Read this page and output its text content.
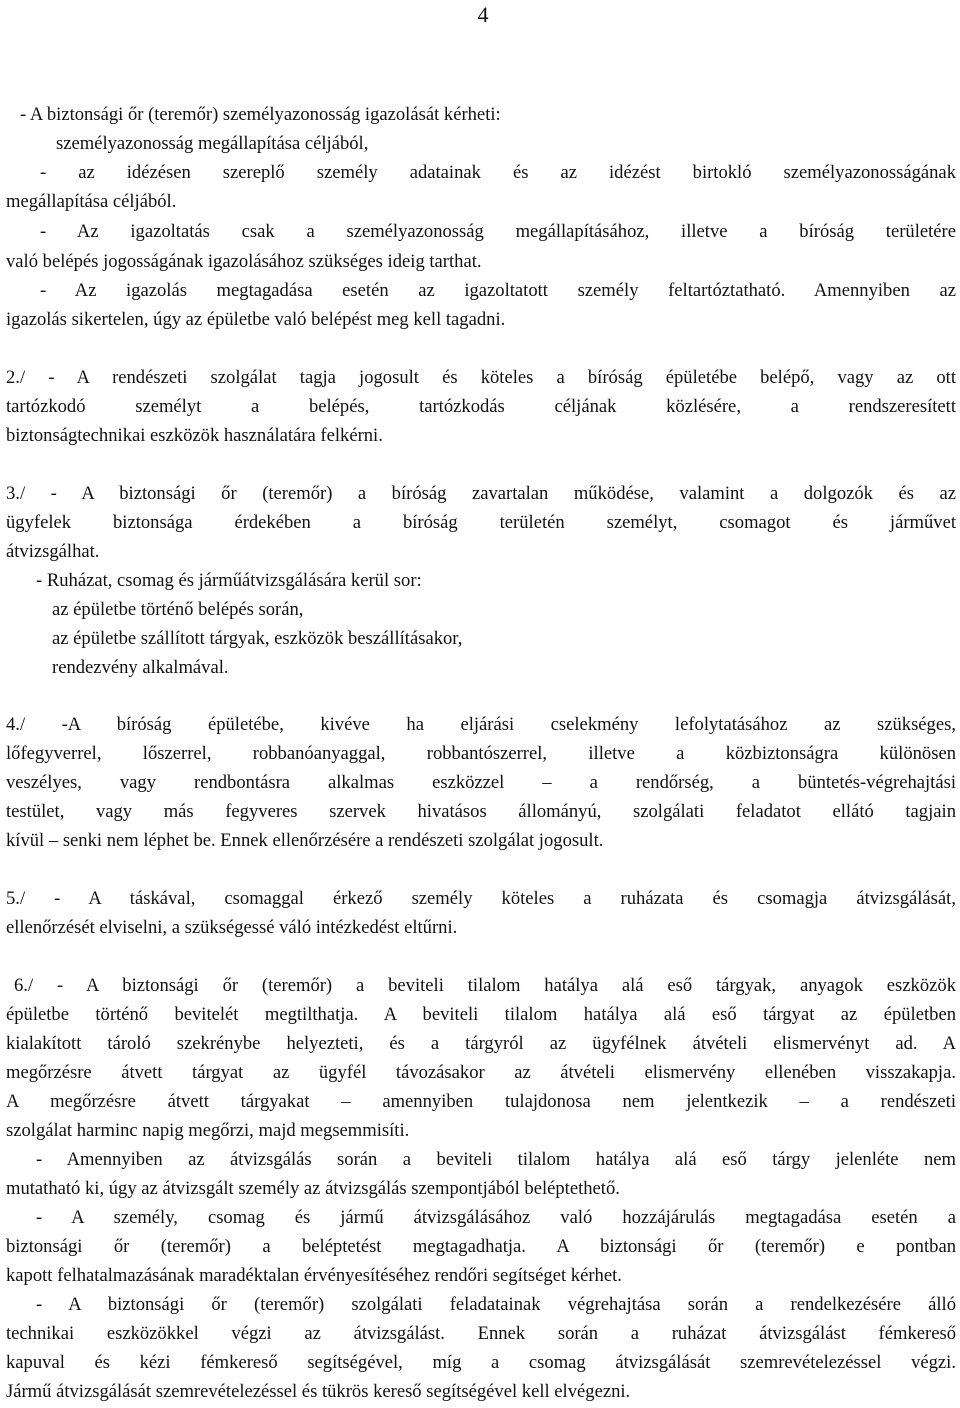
4
- A biztonsági őr (teremőr) személyazonosság igazolását kérheti:
személyazonosság megállapítása céljából,
- az idézésen szereplő személy adatainak és az idézést birtokló személyazonosságának
megállapítása céljából.
- Az igazoltatás csak a személyazonosság megállapításához, illetve a bíróság területére
való belépés jogosságának igazolásához szükséges ideig tarthat.
- Az igazolás megtagadása esetén az igazoltatott személy feltartóztatható. Amennyiben az
igazolás sikertelen, úgy az épületbe való belépést meg kell tagadni.
2./ - A rendészeti szolgálat tagja jogosult és köteles a bíróság épületébe belépő, vagy az ott
tartózkodó személyt a belépés, tartózkodás céljának közlésére, a rendszeresített
biztonságtechnikai eszközök használatára felkérni.
3./ - A biztonsági őr (teremőr) a bíróság zavartalan működése, valamint a dolgozók és az
ügyfelek biztonsága érdekében a bíróság területén személyt, csomagot és járművet
átvizsgálhat.
- Ruházat, csomag és járműátvizsgálására kerül sor:
az épületbe történő belépés során,
az épületbe szállított tárgyak, eszközök beszállításakor,
rendezvény alkalmával.
4./ -A bíróság épületébe, kivéve ha eljárási cselekmény lefolytatásához az szükséges,
lőfegyverrel, lőszerrel, robbanóanyaggal, robbantószerrel, illetve a közbiztonságra különösen
veszélyes, vagy rendbontásra alkalmas eszközzel – a rendőrség, a büntetés-végrehajtási
testület, vagy más fegyveres szervek hivatásos állományú, szolgálati feladatot ellátó tagjain
kívül – senki nem léphet be. Ennek ellenőrzésére a rendészeti szolgálat jogosult.
5./ - A táskával, csomaggal érkező személy köteles a ruházata és csomagja átvizsgálását,
ellenőrzését elviselni, a szükségessé váló intézkedést eltűrni.
6./ - A biztonsági őr (teremőr) a beviteli tilalom hatálya alá eső tárgyak, anyagok eszközök
épületbe történő bevitelét megtilthatja. A beviteli tilalom hatálya alá eső tárgyat az épületben
kialakított tároló szekrénybe helyezteti, és a tárgyról az ügyfélnek átvételi elismervényt ad. A
megőrzésre átvett tárgyat az ügyfél távozásakor az átvételi elismervény ellenében visszakapja.
A megőrzésre átvett tárgyakat – amennyiben tulajdonosa nem jelentkezik – a rendészeti
szolgálat harminc napig megőrzi, majd megsemmisíti.
- Amennyiben az átvizsgálás során a beviteli tilalom hatálya alá eső tárgy jelenléte nem
mutatható ki, úgy az átvizsgált személy az átvizsgálás szempontjából beléptethető.
- A személy, csomag és jármű átvizsgálásához való hozzájárulás megtagadása esetén a
biztonsági őr (teremőr) a beléptetést megtagadhatja. A biztonsági őr (teremőr) e pontban
kapott felhatalmazásának maradéktalan érvényesítéséhez rendőri segítséget kérhet.
- A biztonsági őr (teremőr) szolgálati feladatainak végrehajtása során a rendelkezésére álló
technikai eszközökkel végzi az átvizsgálást. Ennek során a ruházat átvizsgálást fémkereső
kapuval és kézi fémkereső segítségével, míg a csomag átvizsgálását szemrevételezéssel végzi.
Jármű átvizsgálását szemrevételezéssel és tükrös kereső segítségével kell elvégezni.
